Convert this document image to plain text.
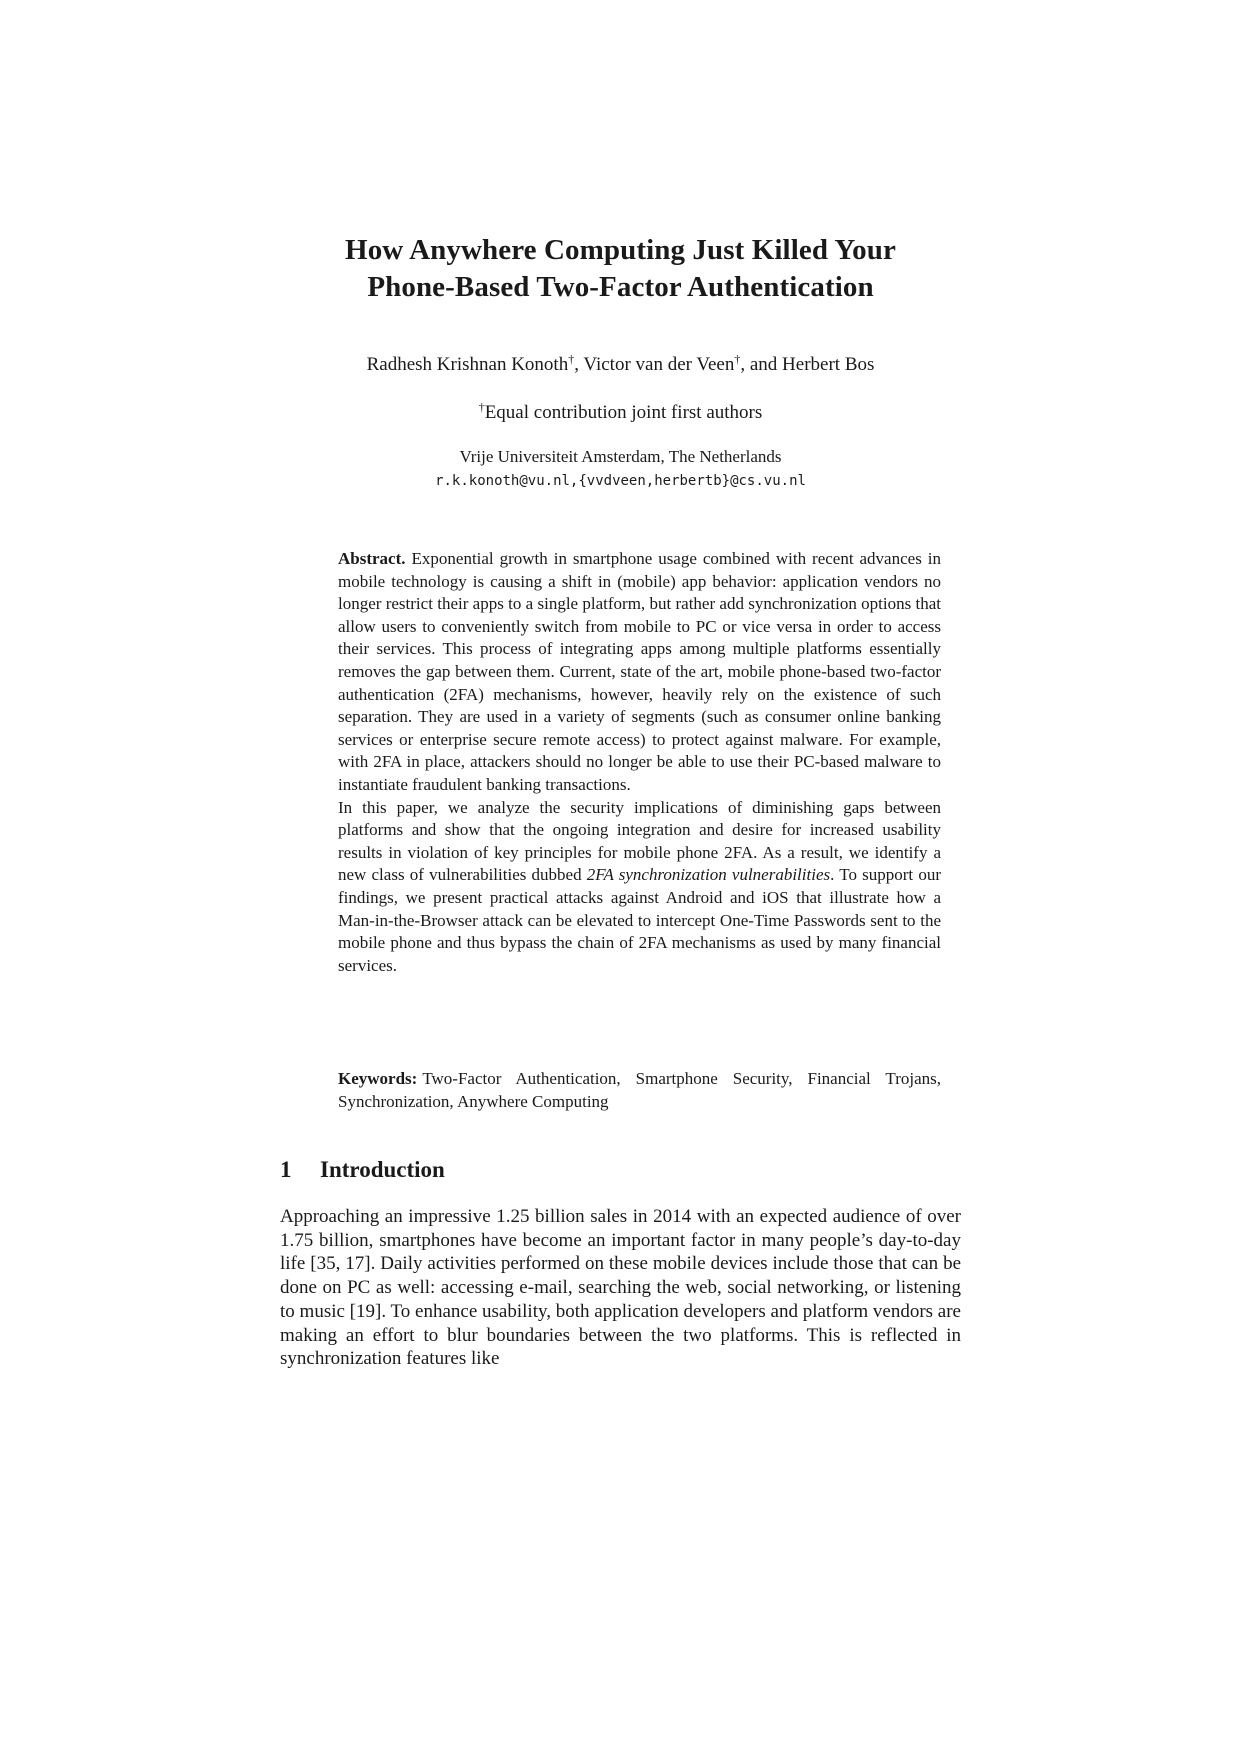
How Anywhere Computing Just Killed Your
Phone-Based Two-Factor Authentication
Radhesh Krishnan Konoth†, Victor van der Veen†, and Herbert Bos
†Equal contribution joint first authors
Vrije Universiteit Amsterdam, The Netherlands
r.k.konoth@vu.nl,{vvdveen,herbertb}@cs.vu.nl

Abstract. Exponential growth in smartphone usage combined with recent advances in mobile technology is causing a shift in (mobile) app behavior: application vendors no longer restrict their apps to a single platform, but rather add synchronization options that allow users to conveniently switch from mobile to PC or vice versa in order to access their services. This process of integrating apps among multiple platforms essentially removes the gap between them. Current, state of the art, mobile phone-based two-factor authentication (2FA) mechanisms, however, heavily rely on the existence of such separation. They are used in a variety of segments (such as consumer online banking services or enterprise secure remote access) to protect against malware. For example, with 2FA in place, attackers should no longer be able to use their PC-based malware to instantiate fraudulent banking transactions.

In this paper, we analyze the security implications of diminishing gaps between platforms and show that the ongoing integration and desire for increased usability results in violation of key principles for mobile phone 2FA. As a result, we identify a new class of vulnerabilities dubbed 2FA synchronization vulnerabilities. To support our findings, we present practical attacks against Android and iOS that illustrate how a Man-in-the-Browser attack can be elevated to intercept One-Time Passwords sent to the mobile phone and thus bypass the chain of 2FA mechanisms as used by many financial services.

Keywords: Two-Factor Authentication, Smartphone Security, Financial Trojans, Synchronization, Anywhere Computing
1 Introduction

Approaching an impressive 1.25 billion sales in 2014 with an expected audience of over 1.75 billion, smartphones have become an important factor in many people’s day-to-day life [35, 17]. Daily activities performed on these mobile devices include those that can be done on PC as well: accessing e-mail, searching the web, social networking, or listening to music [19]. To enhance usability, both application developers and platform vendors are making an effort to blur boundaries between the two platforms. This is reflected in synchronization features like
